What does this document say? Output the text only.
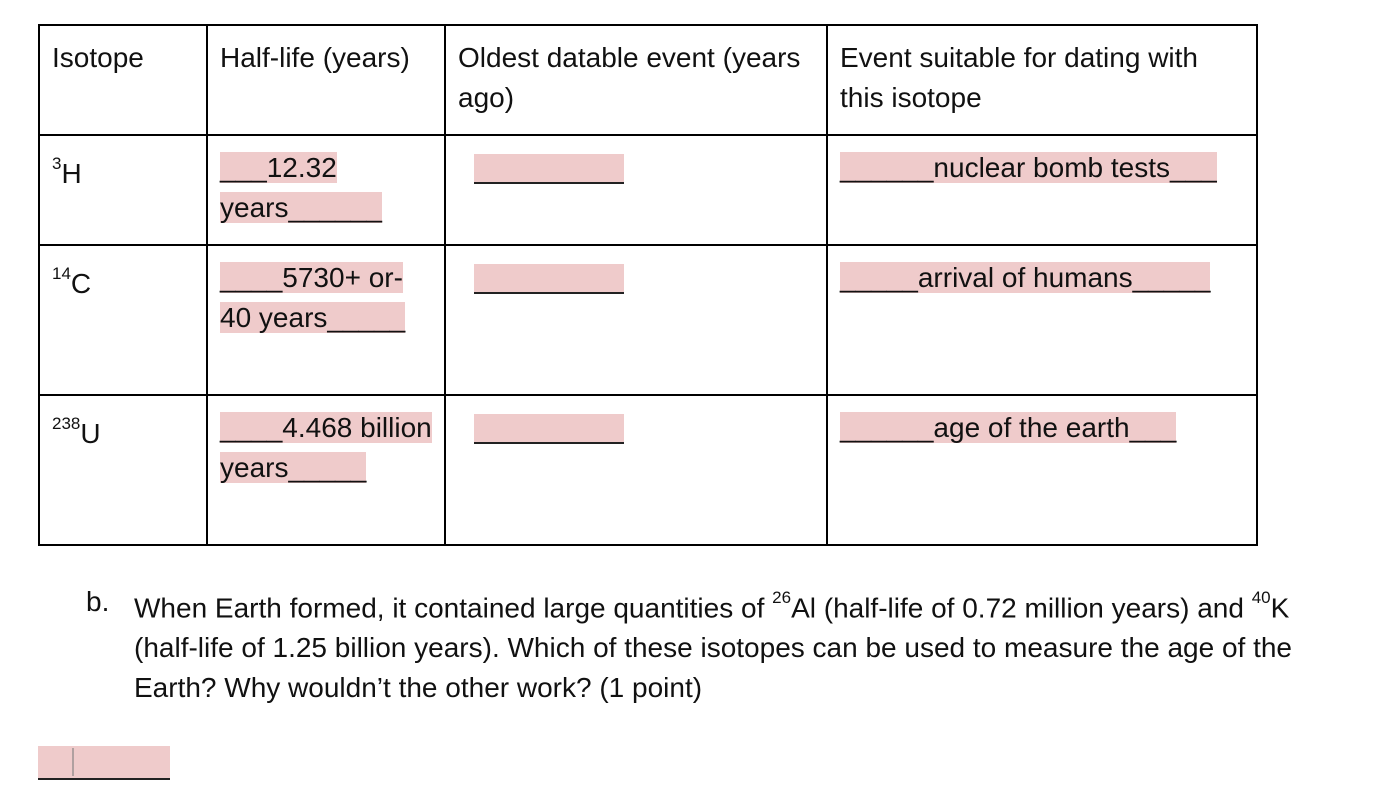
Isotope	Half-life (years)	Oldest datable event (years ago)	Event suitable for dating with this isotope
$^3$H	___12.32 years______		______nuclear bomb tests___
$^{14}$C	____5730+ or- 40 years_____		_____arrival of humans_____
$^{238}$U	____4.468 billion years_____		______age of the earth___
b. When Earth formed, it contained large quantities of $^{26}$Al (half-life of 0.72 million years) and $^{40}$K (half-life of 1.25 billion years). Which of these isotopes can be used to measure the age of the Earth? Why wouldn’t the other work? (1 point)
